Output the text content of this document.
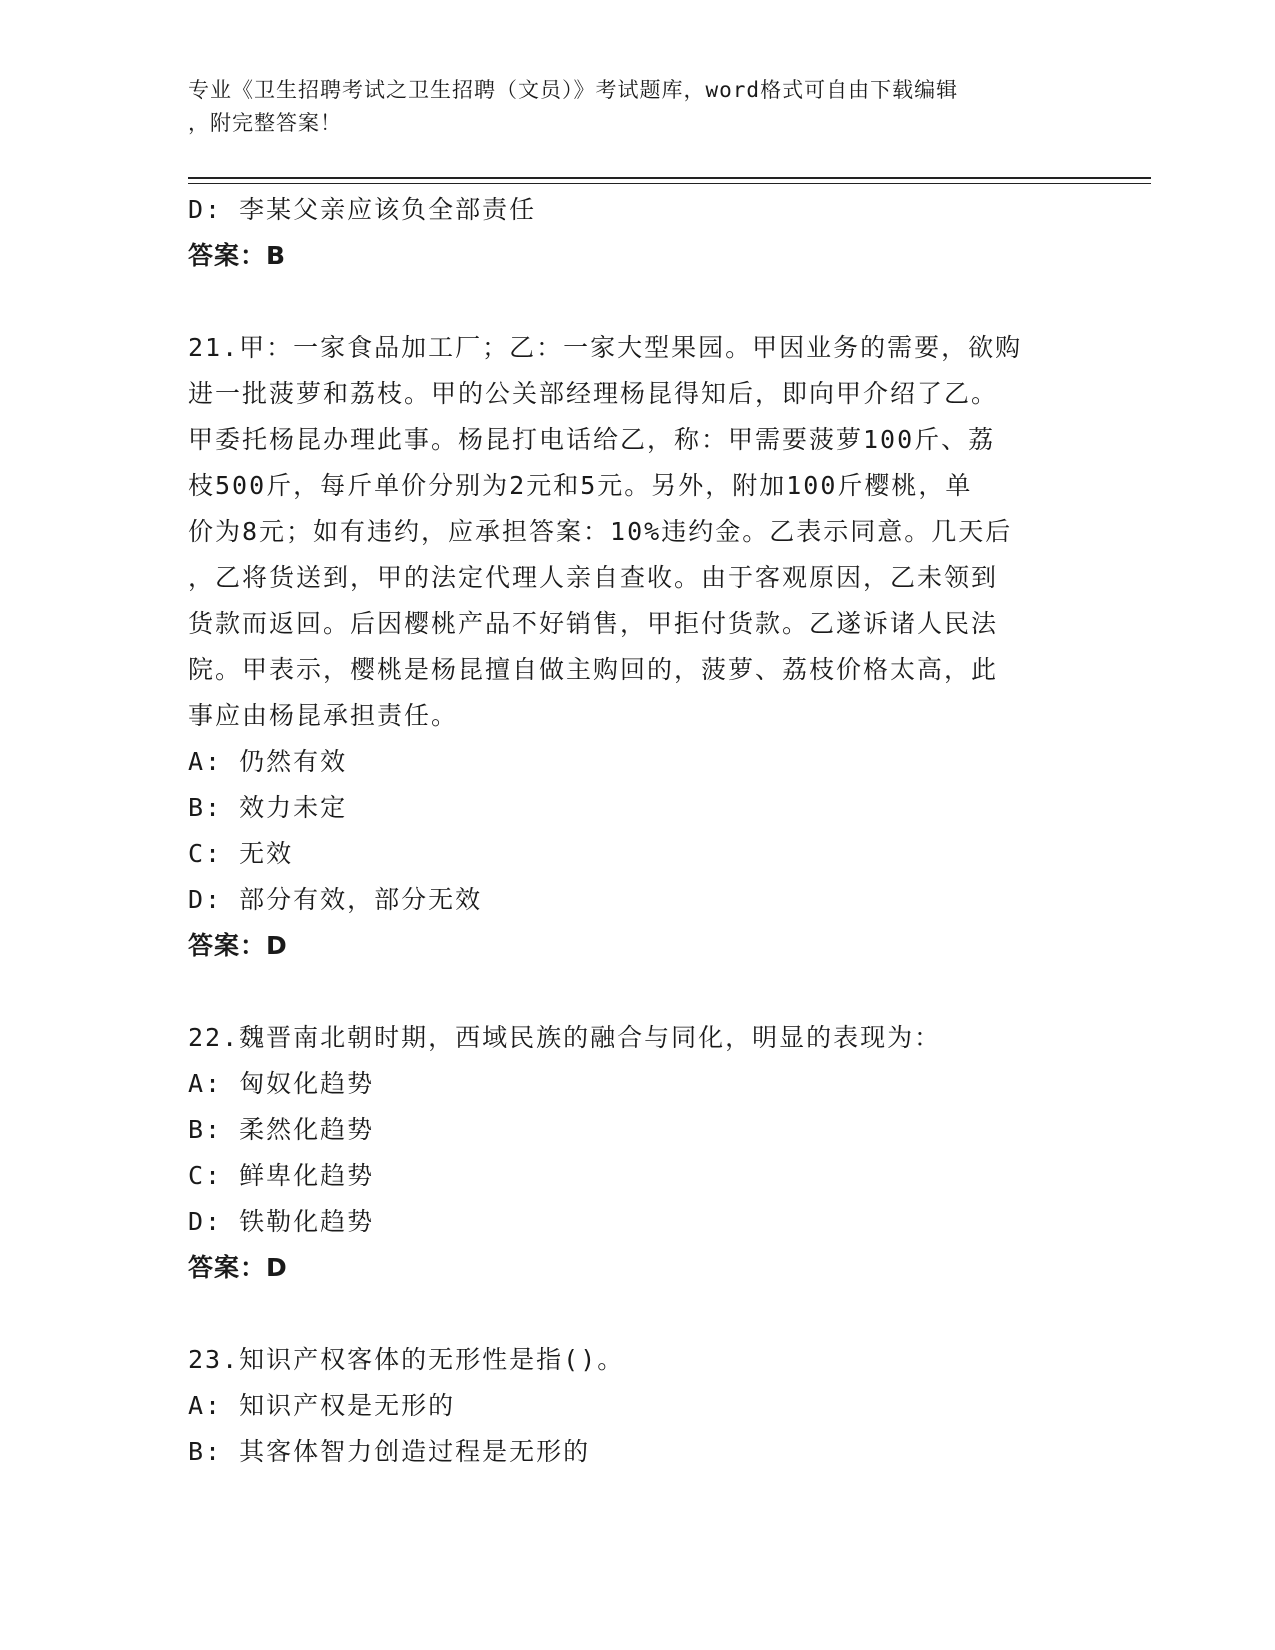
专业《卫生招聘考试之卫生招聘（文员）》考试题库，word格式可自由下载编辑
，附完整答案！
D: 李某父亲应该负全部责任
答案：B
21.甲：一家食品加工厂；乙：一家大型果园。甲因业务的需要，欲购
进一批菠萝和荔枝。甲的公关部经理杨昆得知后，即向甲介绍了乙。
甲委托杨昆办理此事。杨昆打电话给乙，称：甲需要菠萝100斤、荔
枝500斤，每斤单价分别为2元和5元。另外，附加100斤樱桃，单
价为8元；如有违约，应承担答案：10%违约金。乙表示同意。几天后
，乙将货送到，甲的法定代理人亲自查收。由于客观原因，乙未领到
货款而返回。后因樱桃产品不好销售，甲拒付货款。乙遂诉诸人民法
院。甲表示，樱桃是杨昆擅自做主购回的，菠萝、荔枝价格太高，此
事应由杨昆承担责任。
A: 仍然有效
B: 效力未定
C: 无效
D: 部分有效，部分无效
答案：D
22.魏晋南北朝时期，西域民族的融合与同化，明显的表现为：
A: 匈奴化趋势
B: 柔然化趋势
C: 鲜卑化趋势
D: 铁勒化趋势
答案：D
23.知识产权客体的无形性是指()。
A: 知识产权是无形的
B: 其客体智力创造过程是无形的
